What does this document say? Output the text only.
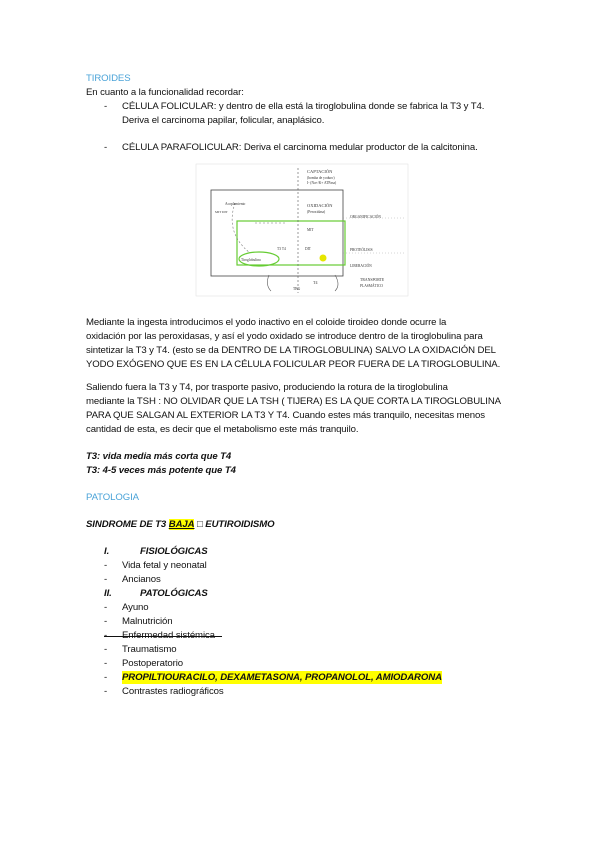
TIROIDES
En cuanto a la funcionalidad recordar:
- CÉLULA FOLICULAR: y dentro de ella está la tiroglobulina donde se fabrica la T3 y T4.
Deriva el carcinoma papilar, folicular, anaplásico.
- CÉLULA PARAFOLICULAR: Deriva el carcinoma medular productor de la calcitonina.
CAPTACIÓN
(bomba de yoduro)
I- (Na+/K+ ATPasa)
OXIDACIÓN
(Peroxidasa)
Acoplamiento
MIT DIT
ORGANIFICACIÓN
MIT
T3 T4	DIT
Tiroglobulina
PROTEÓLISIS
LIBERACIÓN
TRANSPORTE
PLASMÁTICO
T4
TBG
Mediante la ingesta introducimos el yodo inactivo en el coloide tiroideo donde ocurre la
oxidación por las peroxidasas, y así el yodo oxidado se introduce dentro de la tiroglobulina para
sintetizar la T3 y T4. (esto se da DENTRO DE LA TIROGLOBULINA) SALVO LA OXIDACIÓN DEL
YODO EXÓGENO QUE ES EN LA CÉLULA FOLICULAR PEOR FUERA DE LA TIROGLOBULINA.
Saliendo fuera la T3 y T4, por trasporte pasivo, produciendo la rotura de la tiroglobulina
mediante la TSH : NO OLVIDAR QUE LA TSH ( TIJERA) ES LA QUE CORTA LA TIROGLOBULINA
PARA QUE SALGAN AL EXTERIOR LA T3 Y T4. Cuando estes más tranquilo, necesitas menos
cantidad de esta, es decir que el metabolismo este más tranquilo.
T3: vida media más corta que T4
T3: 4-5 veces más potente que T4
PATOLOGIA
SINDROME DE T3 BAJA □ EUTIROIDISMO
I.	FISIOLÓGICAS
- Vida fetal y neonatal
- Ancianos
II.	PATOLÓGICAS
- Ayuno
- Malnutrición
Enfermedad sistémica
- Traumatismo
- Postoperatorio
- PROPILTIOURACILO, DEXAMETASONA, PROPANOLOL, AMIODARONA
- Contrastes radiográficos
